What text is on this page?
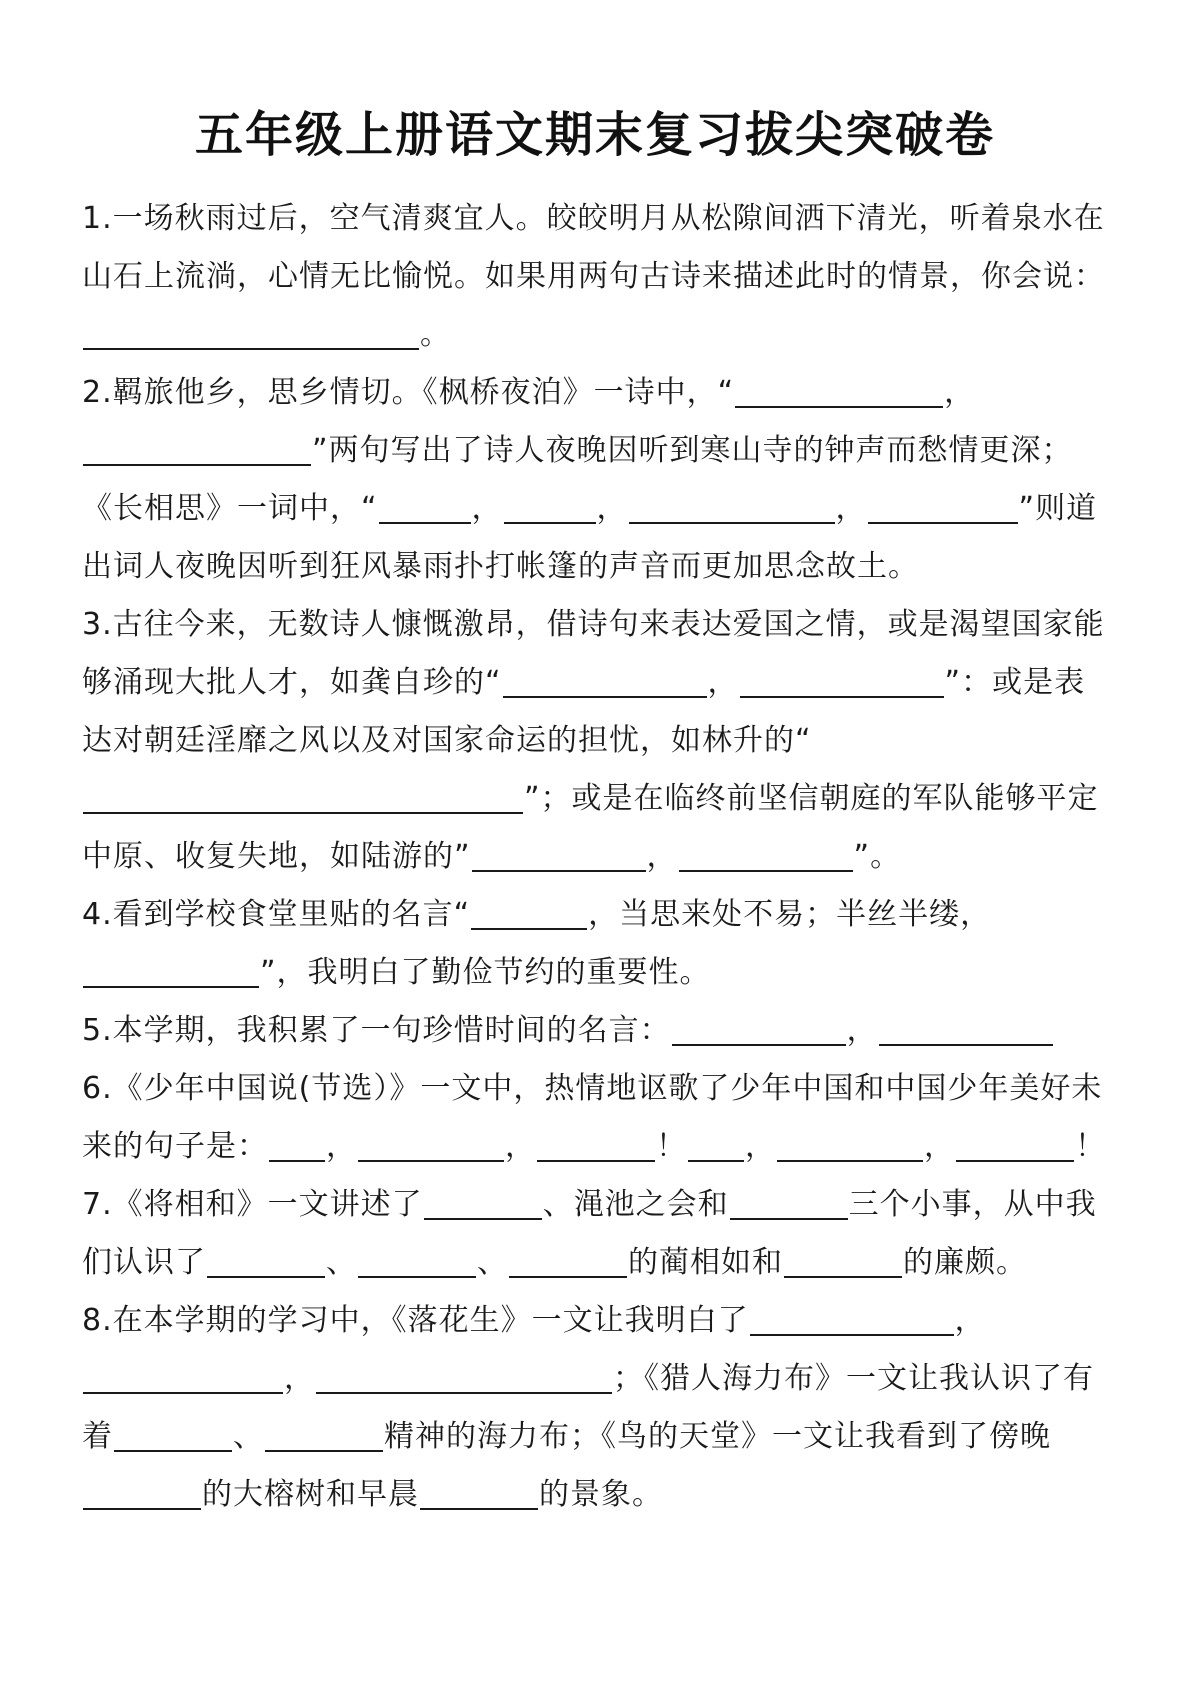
五年级上册语文期末复习拔尖突破卷

1.一场秋雨过后，空气清爽宜人。皎皎明月从松隙间洒下清光，听着泉水在山石上流淌，心情无比愉悦。如果用两句古诗来描述此时的情景，你会说：。

2.羁旅他乡，思乡情切。《枫桥夜泊》一诗中，“	，”两句写出了诗人夜晚因听到寒山寺的钟声而愁情更深；《长相思》一词中，“	，	，	，	”则道出词人夜晚因听到狂风暴雨扑打帐篷的声音而更加思念故土。

3.古往今来，无数诗人慷慨激昂，借诗句来表达爱国之情，或是渴望国家能够涌现大批人才，如龚自珍的“	，	”：或是表达对朝廷淫靡之风以及对国家命运的担忧，如林升的“”；或是在临终前坚信朝庭的军队能够平定中原、收复失地，如陆游的”	，	”。

4.看到学校食堂里贴的名言“	，当思来处不易；半丝半缕，”，我明白了勤俭节约的重要性。

5.本学期，我积累了一句珍惜时间的名言：	，

6.《少年中国说(节选）》一文中，热情地讴歌了少年中国和中国少年美好未来的句子是： ，	，	！ ，	，	！

7.《将相和》一文讲述了	、渑池之会和	三个小事，从中我们认识了	、	、	的蔺相如和	的廉颇。

8.在本学期的学习中，《落花生》一文让我明白了	，，	；《猎人海力布》一文让我认识了有着	、	精神的海力布；《鸟的天堂》一文让我看到了傍晚的大榕树和早晨	的景象。
